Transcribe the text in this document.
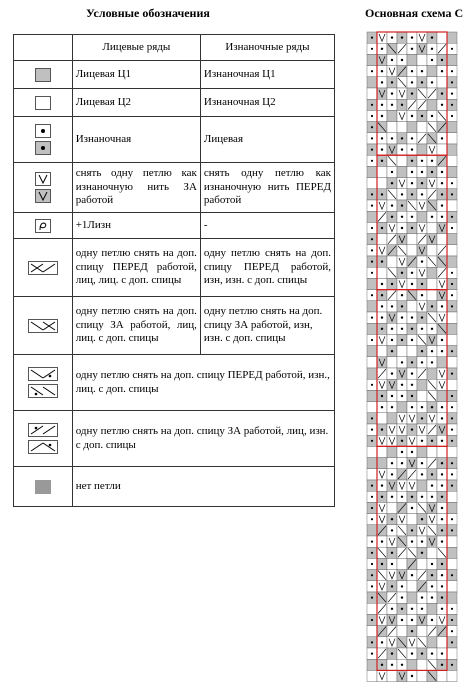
Условные обозначения	Основная схема С
	Лицевые ряды	Изнаночные ряды

	Лицевая Ц1	Изнаночная Ц1

	Лицевая Ц2	Изнаночная Ц2

	Изнаночная	Лицевая

	снять одну петлю как изнаночную нить ЗА работой	снять одну петлю как изнаночную нить ПЕРЕД работой

	+1Лизн	-

	одну петлю снять на доп. спицу ПЕРЕД работой, лиц, лиц. с доп. спицы	одну петлю снять на доп. спицу ПЕРЕД работой, изн, изн. с доп. спицы

	одну петлю снять на доп. спицу ЗА работой, лиц, лиц. с доп. спицы	одну петлю снять на доп. спицу ЗА работой, изн, изн. с доп. спицы

	одну петлю снять на доп. спицу ПЕРЕД работой, изн., лиц. с доп. спицы	

	одну петлю снять на доп. спицу ЗА работой, лиц, изн. с доп. спицы	

	нет петли	
